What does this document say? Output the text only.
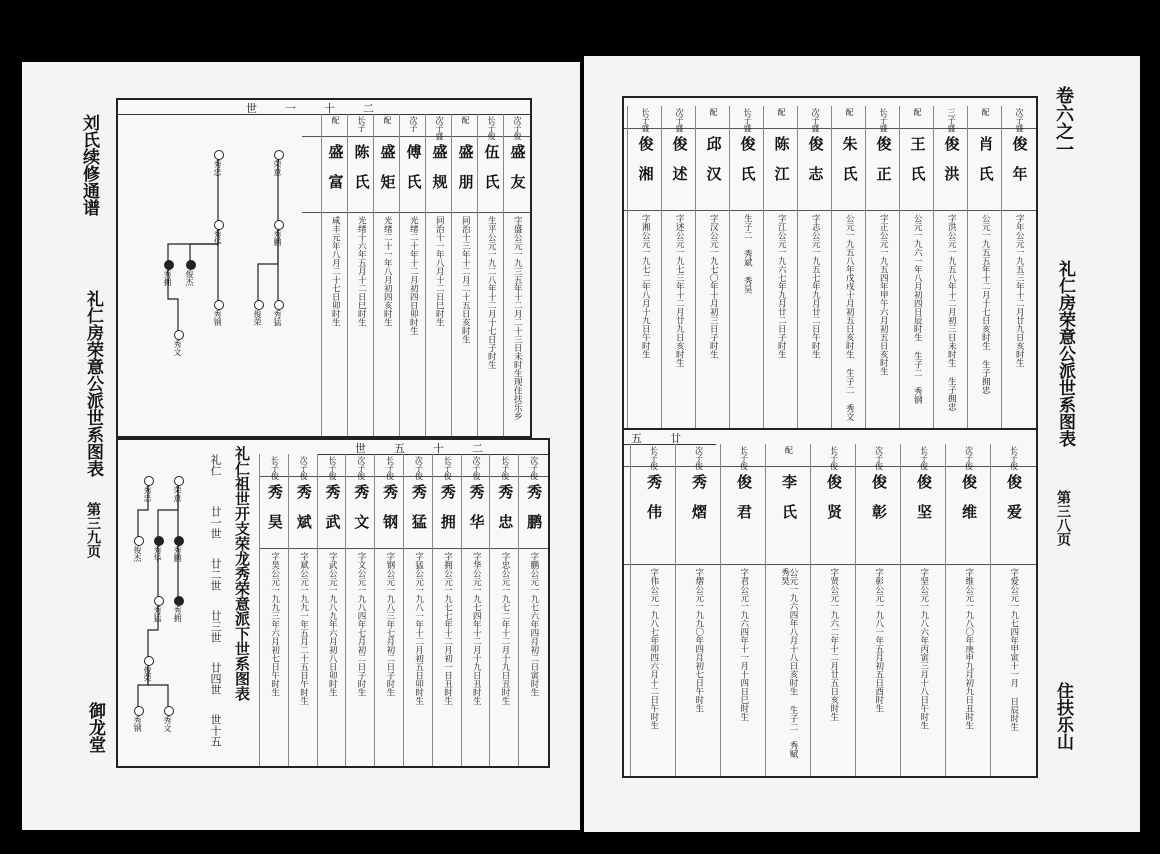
刘氏续修通谱
礼仁房荣意公派世系图表
第三九页
御龙堂
世一十二
次子俊
盛
友
字盛公元一九三五年十二月二十三日未时生现住扶乐乡
长子俊
伍
氏
生平公元一九二八年十二月十七日子时生
配
盛
朋
同治十三年十二月二十五日亥时生
次子盛
盛
规
同治十一年八月十二日巳时生
次子
傅
氏
光绪二十年十二月初四日卯时生
配
盛
矩
光绪二十一年八月初四亥时生
长子
陈
氏
光绪十六年五月十二日巳时生
配
盛
富
咸丰元年八月二十七日卯时生
荣意
秀忠
秀鹏
秀华
俊杰
秀拥
秀猛
俊荣
秀钢
秀文
世五十二
次子俊
秀
鹏
字鹏公元一九七六年四月初二日寅时生
长子俊
秀
忠
字忠公元一九七二年十二月十九日丑时生
次子俊
秀
华
字华公元一九七四年十二月十九日丑时生
长子俊
秀
拥
字拥公元一九七七年十二月初一日丑时生
次子俊
秀
猛
字猛公元一九八一年十二月初五日卯时生
长子俊
秀
钢
字钢公元一九八三年七月初二日子时生
次子俊
秀
文
字文公元一九八四年七月初二日子时生
长子俊
秀
武
字武公元一九八九年六月初八日卯时生
次子俊
秀
斌
字斌公元一九九一年五月二十五日午时生
长子俊
秀
昊
字昊公元一九九三年六月初七日午时生
礼仁祖世开支荣龙秀荣意派下世系图表
礼仁
廿一世
廿二世
廿三世
廿四世
世十五
荣意
秀忠
秀鹏
秀华
俊杰
秀拥
秀猛
俊荣
秀钢	秀文
卷六之一
礼仁房荣意公派世系图表
第三八页
住扶乐山
次子盛
俊
年
字年公元一九五三年十二月廿九日亥时生
配
肖
氏
公元一九五五年十二月十七日亥时生 生子拥忠
三子盛
俊
洪
字洪公元一九五八年十二月初三日未时生 生子拥忠
配
王
氏
公元一九六一年八月初四日辰时生 生子二 秀钢
长子盛
俊
正
字正公元一九五四年甲午六月初五日亥时生
配
朱
氏
公元一九五八年戊戌十月初五日亥时生 生子二 秀文
次子盛
俊
志
字志公元一九五七年九月廿二日午时生
配
陈
江
字江公元一九六七年九月廿二日子时生
长子盛
俊
氏
生子二 秀斌 秀昊
配
邱
汉
字汉公元一九七〇年十月初三日子时生
次子盛
俊
述
字述公元一九七三年十二月廿九日亥时生
长子盛
俊
湘
字湘公元一九七二年八月十九日午时生
五廿
长子俊
俊
爱
字爱公元一九七四年甲寅十一月 日辰时生
次子俊
俊
维
字维公元一九八〇年庚申九月初九日丑时生
长子俊
俊
坚
字坚公元一九八六年丙寅三月十八日午时生
次子俊
俊
彰
字彰公元一九八一年五月初五日酉时生
长子俊
俊
贤
字贤公元一九六二年十二月廿五日亥时生
配
李
氏
公元一九六四年八月十八日亥时生 生子二 秀赋 秀昊
长子俊
俊
君
字君公元一九六四年十一月十四日巳时生
次子俊
秀
熠
字熠公元一九九〇年四月初七日午时生
长子俊
秀
伟
字伟公元一九八七年卯四六月十二日午时生
